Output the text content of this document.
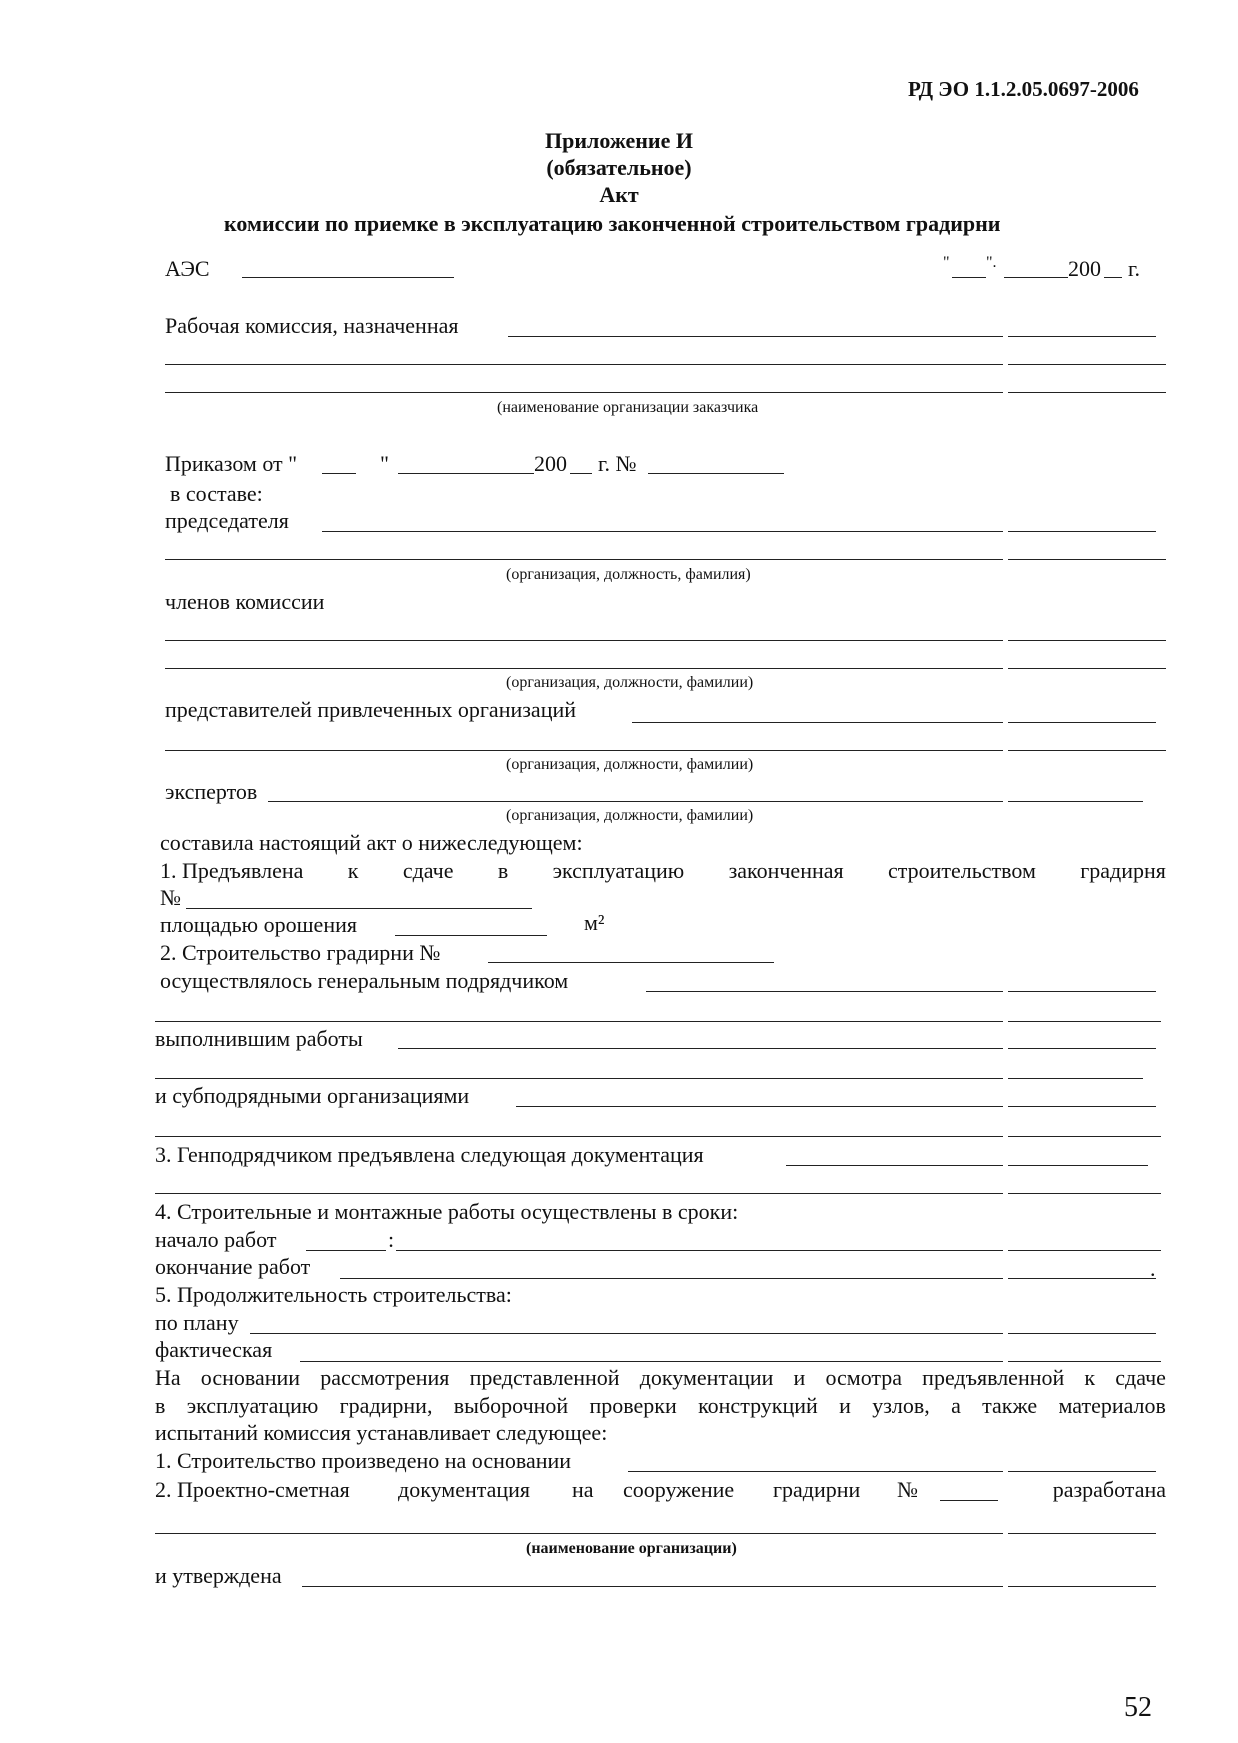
РД ЭО 1.1.2.05.0697-2006
Приложение И
(обязательное)
Акт
комиссии по приемке в эксплуатацию законченной строительством градирни
АЭС	" ".	200 г.
Рабочая комиссия, назначенная
(наименование организации заказчика
Приказом от "	"	200 г. №
в составе:
председателя
(организация, должность, фамилия)
членов комиссии
(организация, должности, фамилии)
представителей привлеченных организаций
(организация, должности, фамилии)
экспертов
(организация, должности, фамилии)
составила настоящий акт о нижеследующем:
1. Предъявлена к сдаче в эксплуатацию законченная строительством градирня
№
площадью орошения	м²
2. Строительство градирни №
осуществлялось генеральным подрядчиком
выполнившим работы
и субподрядными организациями
3. Генподрядчиком предъявлена следующая документация
4. Строительные и монтажные работы осуществлены в сроки:
начало работ	:
окончание работ	.
5. Продолжительность строительства:
по плану
фактическая
На основании рассмотрения представленной документации и осмотра предъявленной к сдаче
в эксплуатацию градирни, выборочной проверки конструкций и узлов, а также материалов
испытаний комиссия устанавливает следующее:
1. Строительство произведено на основании
2. Проектно-сметная документация на сооружение градирни №	разработана
(наименование организации)
и утверждена
52
